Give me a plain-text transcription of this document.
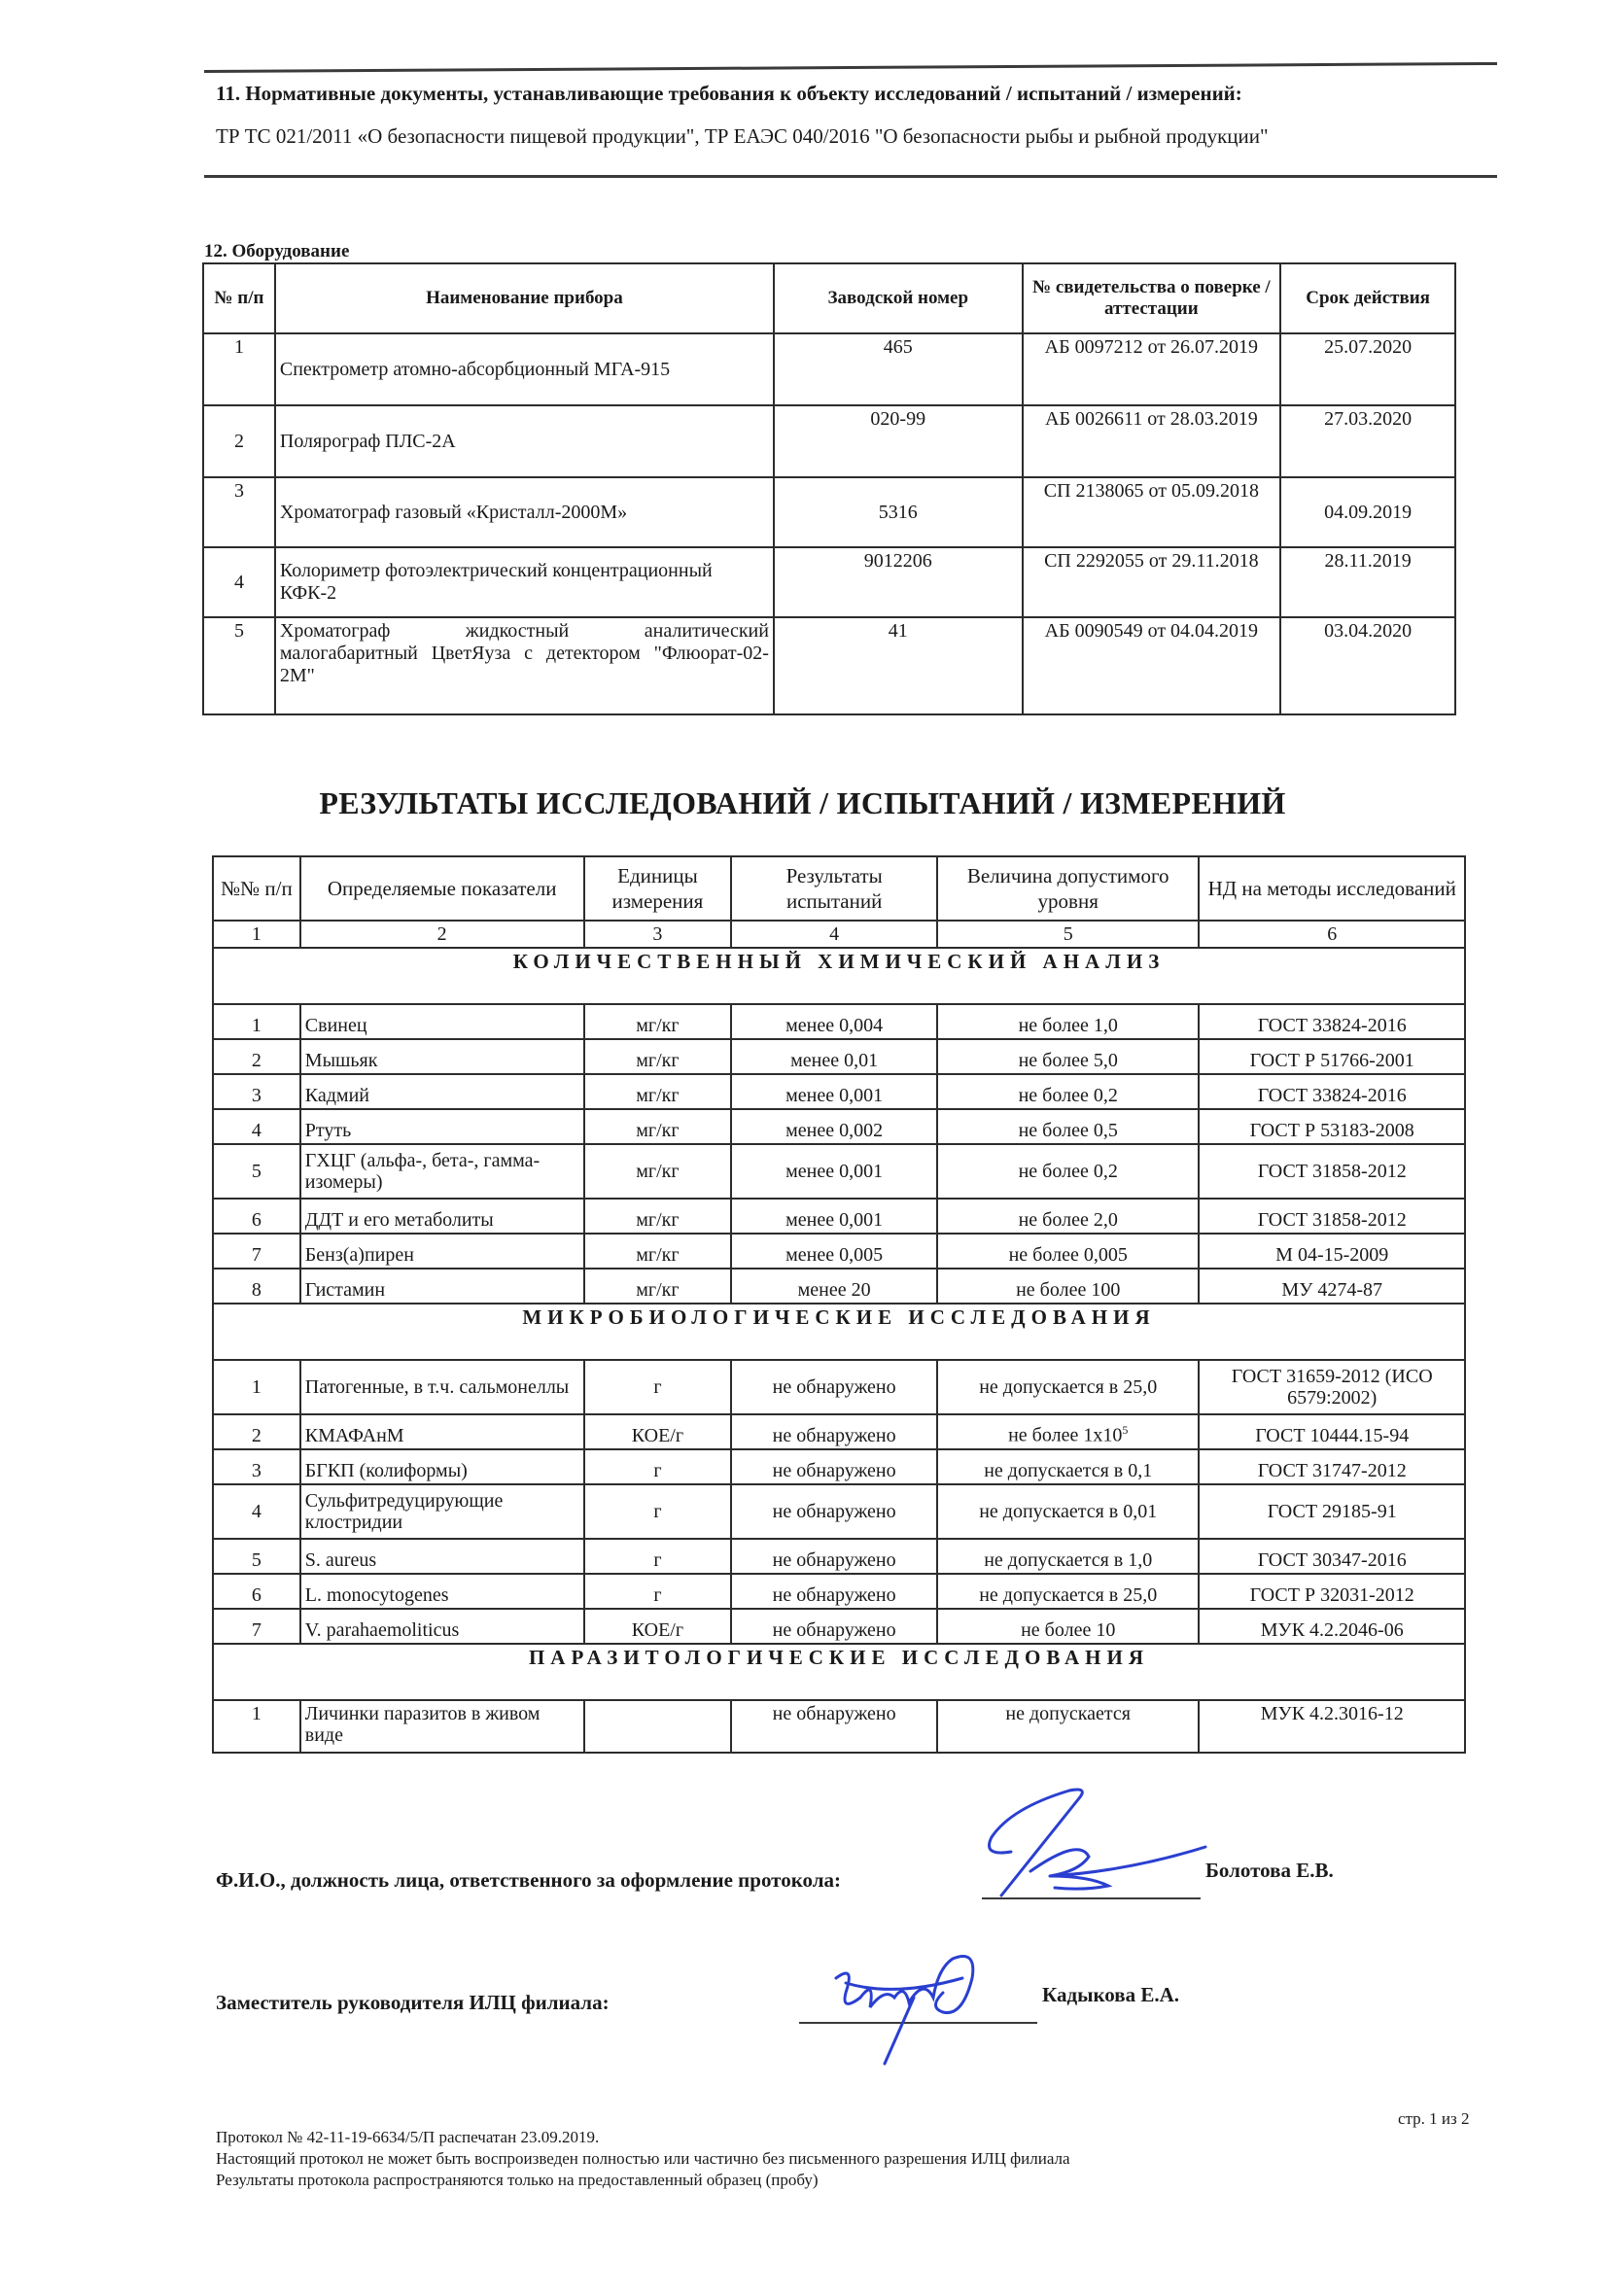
11. Нормативные документы, устанавливающие требования к объекту исследований / испытаний / измерений:
ТР ТС 021/2011 «О безопасности пищевой продукции", ТР ЕАЭС 040/2016 "О безопасности рыбы и рыбной продукции"
12. Оборудование
№ п/п	Наименование прибора	Заводской номер	№ свидетельства о поверке / аттестации	Срок действия
1	Спектрометр атомно-абсорбционный МГА-915	465	АБ 0097212 от 26.07.2019	25.07.2020
2	Полярограф ПЛС-2А	020-99	АБ 0026611 от 28.03.2019	27.03.2020
3	Хроматограф газовый «Кристалл-2000М»	5316	СП 2138065 от 05.09.2018	04.09.2019
4	Колориметр фотоэлектрический концентрационный КФК-2	9012206	СП 2292055 от 29.11.2018	28.11.2019
5	Хроматограф жидкостный аналитический малогабаритный ЦветЯуза с детектором "Флюорат-02-2М"	41	АБ 0090549 от 04.04.2019	03.04.2020
РЕЗУЛЬТАТЫ ИССЛЕДОВАНИЙ / ИСПЫТАНИЙ / ИЗМЕРЕНИЙ
№№ п/п	Определяемые показатели	Единицы измерения	Результаты испытаний	Величина допустимого уровня	НД на методы исследований
1	2	3	4	5	6
КОЛИЧЕСТВЕННЫЙ ХИМИЧЕСКИЙ АНАЛИЗ					
1	Свинец	мг/кг	менее 0,004	не более 1,0	ГОСТ 33824-2016
2	Мышьяк	мг/кг	менее 0,01	не более 5,0	ГОСТ Р 51766-2001
3	Кадмий	мг/кг	менее 0,001	не более 0,2	ГОСТ 33824-2016
4	Ртуть	мг/кг	менее 0,002	не более 0,5	ГОСТ Р 53183-2008
5	ГХЦГ (альфа-, бета-, гамма-изомеры)	мг/кг	менее 0,001	не более 0,2	ГОСТ 31858-2012
6	ДДТ и его метаболиты	мг/кг	менее 0,001	не более 2,0	ГОСТ 31858-2012
7	Бенз(а)пирен	мг/кг	менее 0,005	не более 0,005	М 04-15-2009
8	Гистамин	мг/кг	менее 20	не более 100	МУ 4274-87
МИКРОБИОЛОГИЧЕСКИЕ ИССЛЕДОВАНИЯ					
1	Патогенные, в т.ч. сальмонеллы	г	не обнаружено	не допускается в 25,0	ГОСТ 31659-2012 (ИСО 6579:2002)
2	КМАФАнМ	КОЕ/г	не обнаружено	не более $1х10^5$	ГОСТ 10444.15-94
3	БГКП (колиформы)	г	не обнаружено	не допускается в 0,1	ГОСТ 31747-2012
4	Сульфитредуцирующие клостридии	г	не обнаружено	не допускается в 0,01	ГОСТ 29185-91
5	S. aureus	г	не обнаружено	не допускается в 1,0	ГОСТ 30347-2016
6	L. monocytogenes	г	не обнаружено	не допускается в 25,0	ГОСТ Р 32031-2012
7	V. parahaemoliticus	КОЕ/г	не обнаружено	не более 10	МУК 4.2.2046-06
ПАРАЗИТОЛОГИЧЕСКИЕ ИССЛЕДОВАНИЯ					
1	Личинки паразитов в живом виде		не обнаружено	не допускается	МУК 4.2.3016-12
Ф.И.О., должность лица, ответственного за оформление протокола:	Болотова Е.В.
Заместитель руководителя ИЛЦ филиала:	Кадыкова Е.А.
Протокол № 42-11-19-6634/5/П распечатан 23.09.2019.
Настоящий протокол не может быть воспроизведен полностью или частично без письменного разрешения ИЛЦ филиала
Результаты протокола распространяются только на предоставленный образец (пробу)
стр. 1 из 2
